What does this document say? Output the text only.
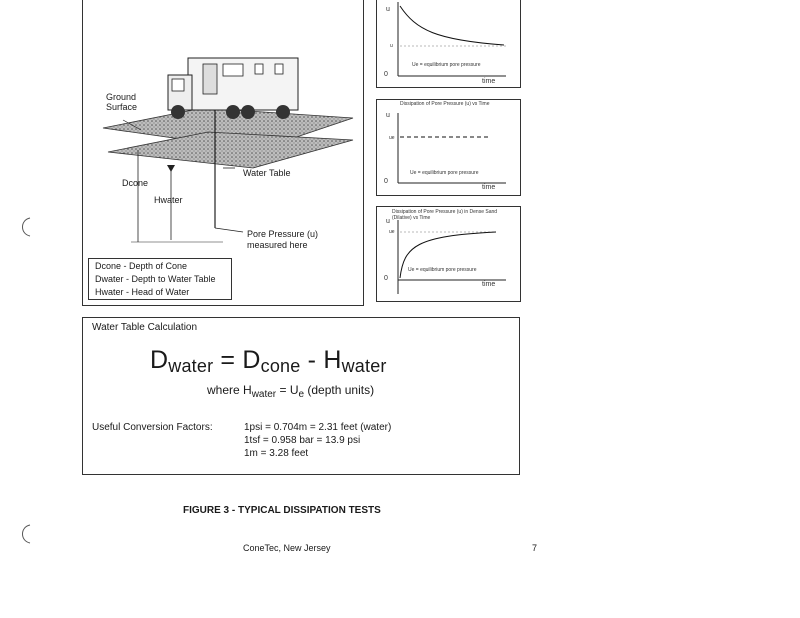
Ground
Surface
Water Table
Dcone
Hwater
Pore Pressure (u)
measured here
Dcone - Depth of Cone
Dwater - Depth to Water Table
Hwater - Head of Water
u
u
0
Ue = equilibrium pore pressure
time
Dissipation of Pore Pressure (u) vs Time
u
ue
0
Ue = equilibrium pore pressure
time
Dissipation of Pore Pressure (u) in Dense Sand (Dilative) vs Time
u
ue
0
Ue = equilibrium pore pressure
time
Water Table Calculation
$D_{water} = D_{cone} - H_{water}$
where $H_{water} = U_e$ (depth units)
Useful Conversion Factors:	1psi = 0.704m = 2.31 feet (water)
1tsf = 0.958 bar = 13.9 psi
1m = 3.28 feet
FIGURE 3 - TYPICAL DISSIPATION TESTS
ConeTec, New Jersey	7
